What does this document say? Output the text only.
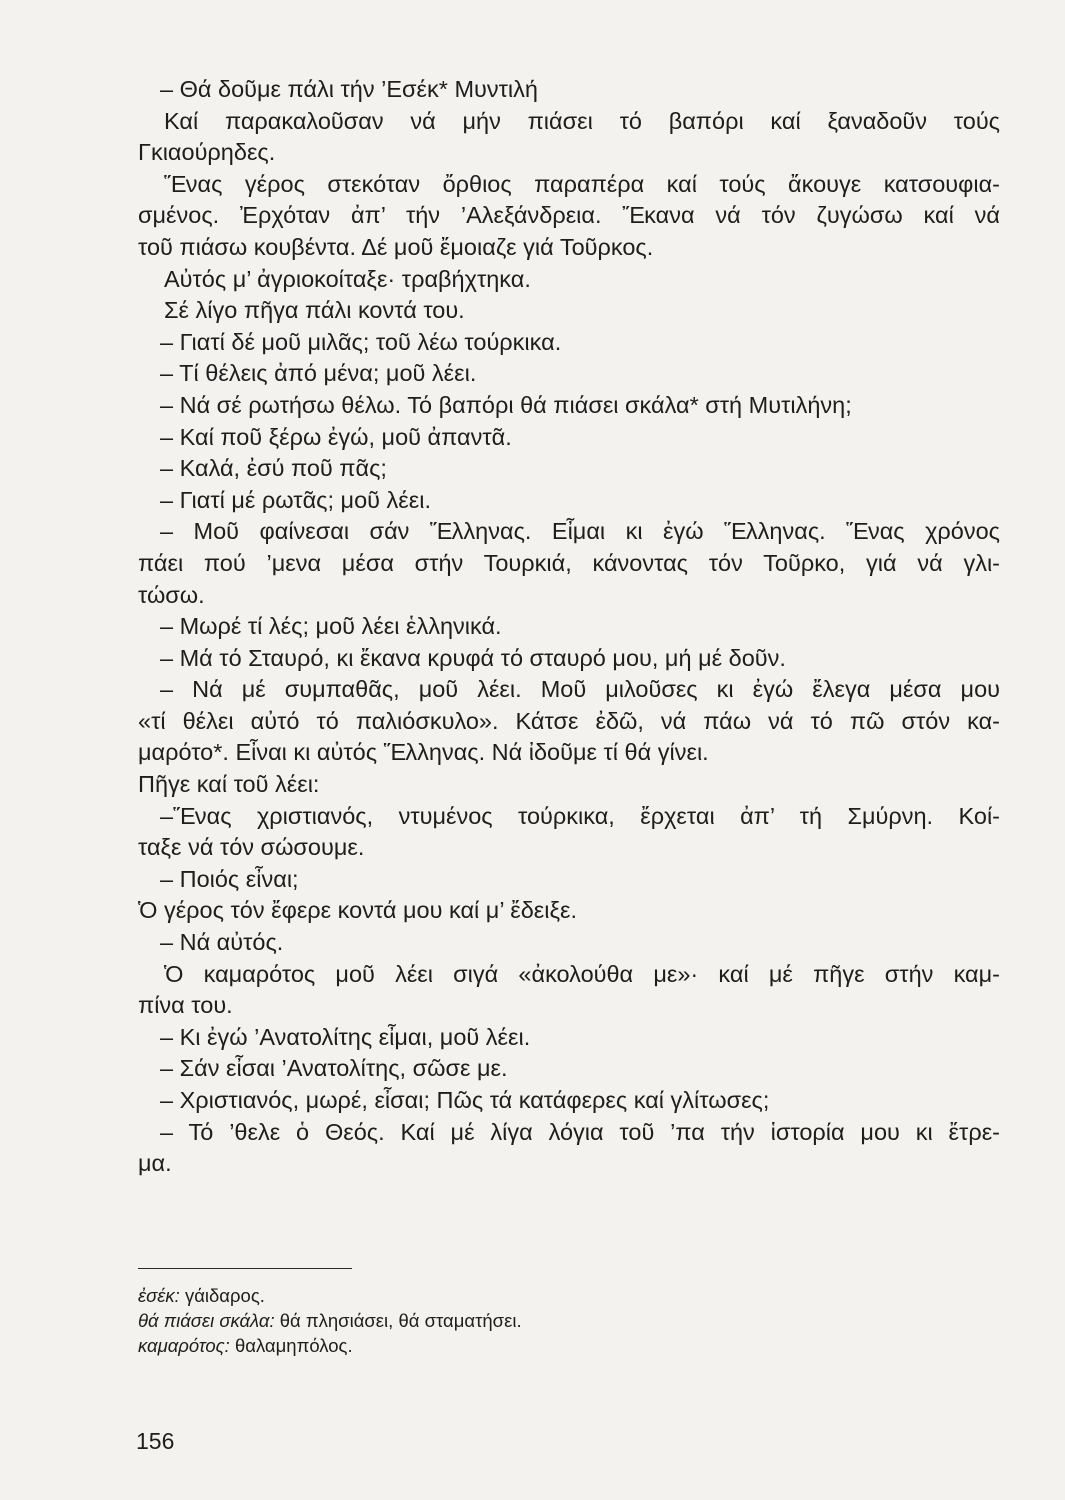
– Θά δοῦμε πάλι τήν ’Εσέκ* Μυντιλή
Καί παρακαλοῦσαν νά μήν πιάσει τό βαπόρι καί ξαναδοῦν τούς
Γκιαούρηδες.
Ἕνας γέρος στεκόταν ὄρθιος παραπέρα καί τούς ἄκουγε κατσουφια-
σμένος. Ἐρχόταν ἀπ’ τήν ’Αλεξάνδρεια. Ἔκανα νά τόν ζυγώσω καί νά
τοῦ πιάσω κουβέντα. Δέ μοῦ ἔμοιαζε γιά Τοῦρκος.
Αὐτός μ’ ἀγριοκοίταξε· τραβήχτηκα.
Σέ λίγο πῆγα πάλι κοντά του.
– Γιατί δέ μοῦ μιλᾶς; τοῦ λέω τούρκικα.
– Τί θέλεις ἀπό μένα; μοῦ λέει.
– Νά σέ ρωτήσω θέλω. Τό βαπόρι θά πιάσει σκάλα* στή Μυτιλήνη;
– Καί ποῦ ξέρω ἐγώ, μοῦ ἀπαντᾶ.
– Καλά, ἐσύ ποῦ πᾶς;
– Γιατί μέ ρωτᾶς; μοῦ λέει.
– Μοῦ φαίνεσαι σάν Ἕλληνας. Εἶμαι κι ἐγώ Ἕλληνας. Ἕνας χρόνος
πάει πού ’μενα μέσα στήν Τουρκιά, κάνοντας τόν Τοῦρκο, γιά νά γλι-
τώσω.
– Μωρέ τί λές; μοῦ λέει ἑλληνικά.
– Μά τό Σταυρό, κι ἔκανα κρυφά τό σταυρό μου, μή μέ δοῦν.
– Νά μέ συμπαθᾶς, μοῦ λέει. Μοῦ μιλοῦσες κι ἐγώ ἔλεγα μέσα μου
«τί θέλει αὐτό τό παλιόσκυλο». Κάτσε ἐδῶ, νά πάω νά τό πῶ στόν κα-
μαρότο*. Εἶναι κι αὐτός Ἕλληνας. Νά ἰδοῦμε τί θά γίνει.
Πῆγε καί τοῦ λέει:
–Ἕνας χριστιανός, ντυμένος τούρκικα, ἔρχεται ἀπ’ τή Σμύρνη. Κοί-
ταξε νά τόν σώσουμε.
– Ποιός εἶναι;
Ὁ γέρος τόν ἔφερε κοντά μου καί μ’ ἔδειξε.
– Νά αὐτός.
Ὁ καμαρότος μοῦ λέει σιγά «ἀκολούθα με»· καί μέ πῆγε στήν καμ-
πίνα του.
– Κι ἐγώ ’Ανατολίτης εἶμαι, μοῦ λέει.
– Σάν εἶσαι ’Ανατολίτης, σῶσε με.
– Χριστιανός, μωρέ, εἶσαι; Πῶς τά κατάφερες καί γλίτωσες;
– Τό ’θελε ὁ Θεός. Καί μέ λίγα λόγια τοῦ ’πα τήν ἱστορία μου κι ἔτρε-
μα.
ἐσέκ: γάιδαρος.
θά πιάσει σκάλα: θά πλησιάσει, θά σταματήσει.
καμαρότος: θαλαμηπόλος.
156
